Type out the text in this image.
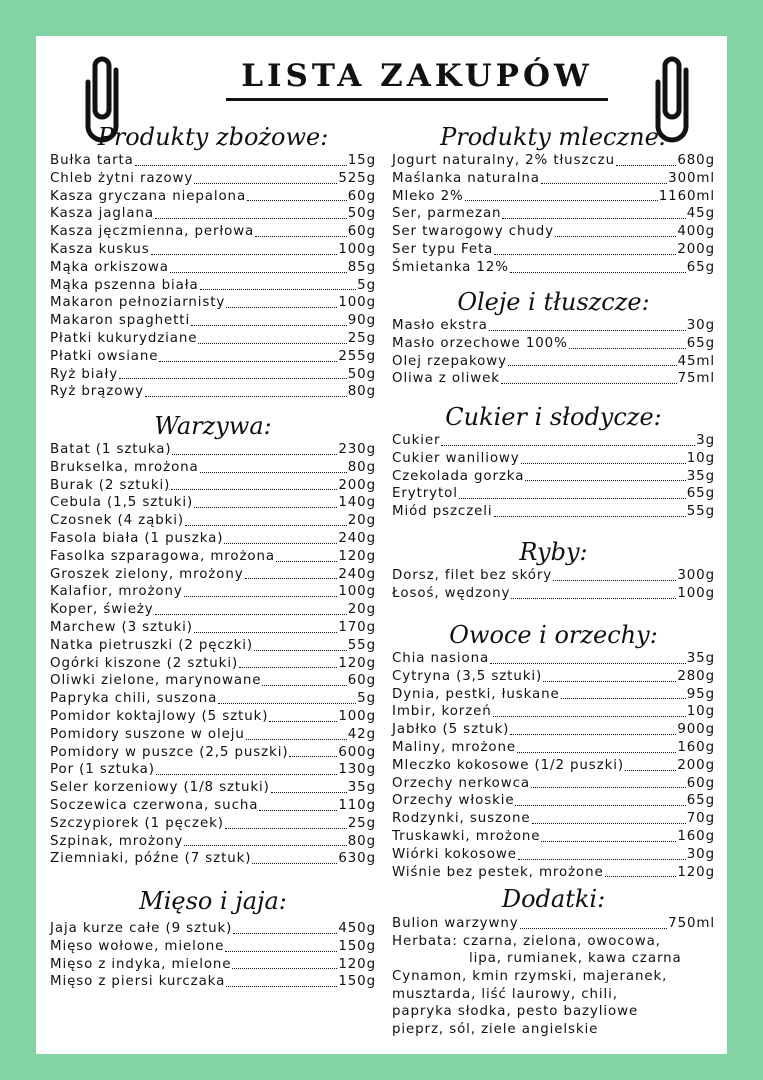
LISTA ZAKUPÓW
Produkty zbożowe:
Bułka tarta	15g
Chleb żytni razowy	525g
Kasza gryczana niepalona	60g
Kasza jaglana	50g
Kasza jęczmienna, perłowa	60g
Kasza kuskus	100g
Mąka orkiszowa	85g
Mąka pszenna biała	5g
Makaron pełnoziarnisty	100g
Makaron spaghetti	90g
Płatki kukurydziane	25g
Płatki owsiane	255g
Ryż biały	50g
Ryż brązowy	80g
Warzywa:
Batat (1 sztuka)	230g
Brukselka, mrożona	80g
Burak (2 sztuki)	200g
Cebula (1,5 sztuki)	140g
Czosnek (4 ząbki)	20g
Fasola biała (1 puszka)	240g
Fasolka szparagowa, mrożona	120g
Groszek zielony, mrożony	240g
Kalafior, mrożony	100g
Koper, świeży	20g
Marchew (3 sztuki)	170g
Natka pietruszki (2 pęczki)	55g
Ogórki kiszone (2 sztuki)	120g
Oliwki zielone, marynowane	60g
Papryka chili, suszona	5g
Pomidor koktajlowy (5 sztuk)	100g
Pomidory suszone w oleju	42g
Pomidory w puszce (2,5 puszki)	600g
Por (1 sztuka)	130g
Seler korzeniowy (1/8 sztuki)	35g
Soczewica czerwona, sucha	110g
Szczypiorek (1 pęczek)	25g
Szpinak, mrożony	80g
Ziemniaki, późne (7 sztuk)	630g
Mięso i jaja:
Jaja kurze całe (9 sztuk)	450g
Mięso wołowe, mielone	150g
Mięso z indyka, mielone	120g
Mięso z piersi kurczaka	150g
Produkty mleczne:
Jogurt naturalny, 2% tłuszczu	680g
Maślanka naturalna	300ml
Mleko 2%	1160ml
Ser, parmezan	45g
Ser twarogowy chudy	400g
Ser typu Feta	200g
Śmietanka 12%	65g
Oleje i tłuszcze:
Masło ekstra	30g
Masło orzechowe 100%	65g
Olej rzepakowy	45ml
Oliwa z oliwek	75ml
Cukier i słodycze:
Cukier	3g
Cukier waniliowy	10g
Czekolada gorzka	35g
Erytrytol	65g
Miód pszczeli	55g
Ryby:
Dorsz, filet bez skóry	300g
Łosoś, wędzony	100g
Owoce i orzechy:
Chia nasiona	35g
Cytryna (3,5 sztuki)	280g
Dynia, pestki, łuskane	95g
Imbir, korzeń	10g
Jabłko (5 sztuk)	900g
Maliny, mrożone	160g
Mleczko kokosowe (1/2 puszki)	200g
Orzechy nerkowca	60g
Orzechy włoskie	65g
Rodzynki, suszone	70g
Truskawki, mrożone	160g
Wiórki kokosowe	30g
Wiśnie bez pestek, mrożone	120g
Dodatki:
Bulion warzywny	750ml

Herbata: czarna, zielona, owocowa,

lipa, rumianek, kawa czarna

Cynamon, kmin rzymski, majeranek,

musztarda, liść laurowy, chili,

papryka słodka, pesto bazyliowe

pieprz, sól, ziele angielskie
